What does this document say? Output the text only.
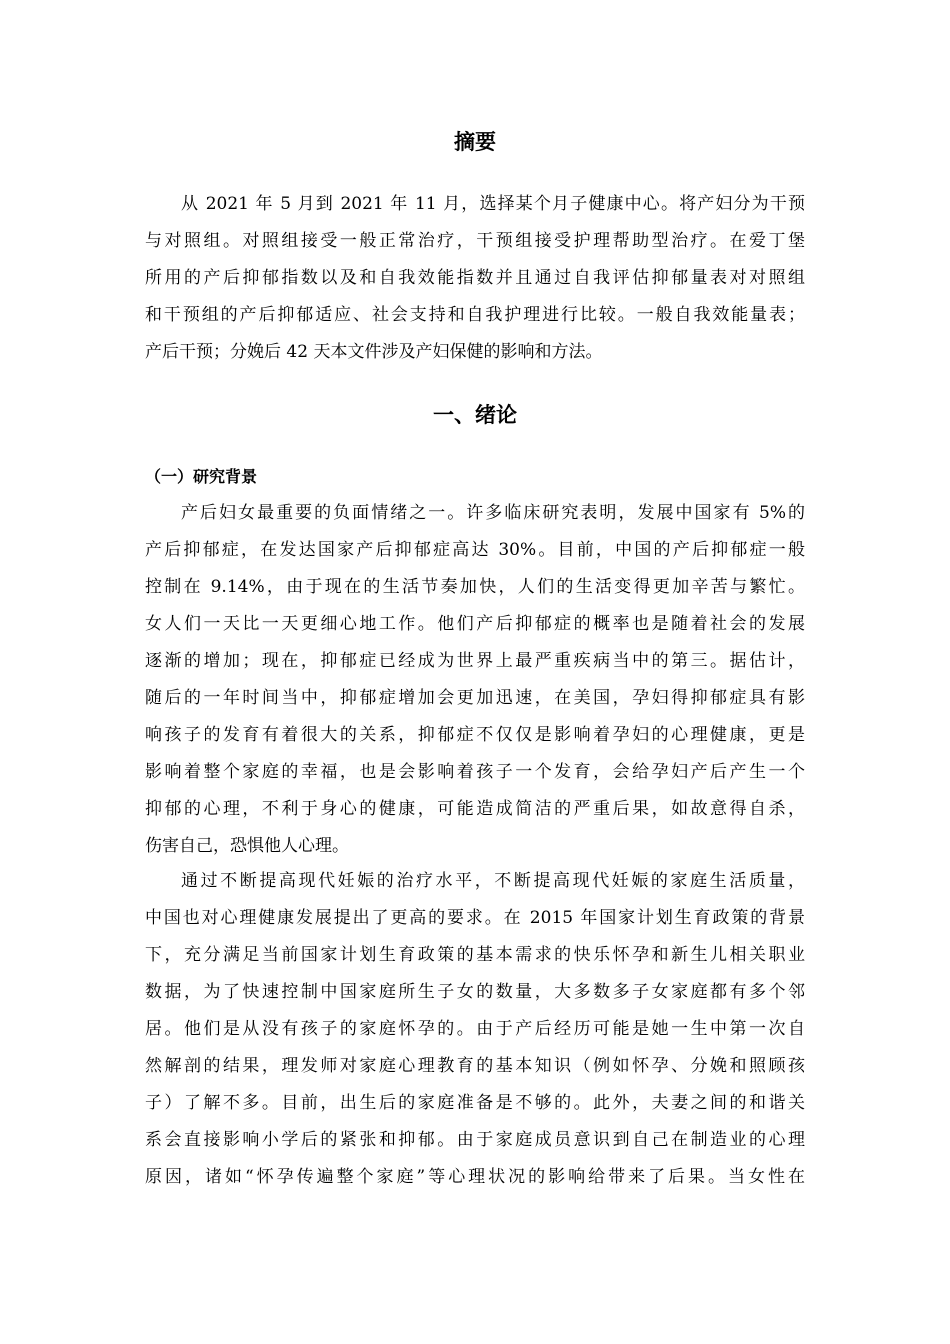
摘要
从 2021 年 5 月到 2021 年 11 月，选择某个月子健康中心。将产妇分为干预
与对照组。对照组接受一般正常治疗，干预组接受护理帮助型治疗。在爱丁堡
所用的产后抑郁指数以及和自我效能指数并且通过自我评估抑郁量表对对照组
和干预组的产后抑郁适应、社会支持和自我护理进行比较。一般自我效能量表；
产后干预；分娩后 42 天本文件涉及产妇保健的影响和方法。
一、绪论
（一）研究背景
产后妇女最重要的负面情绪之一。许多临床研究表明，发展中国家有 5%的
产后抑郁症，在发达国家产后抑郁症高达 30%。目前，中国的产后抑郁症一般
控制在 9.14%，由于现在的生活节奏加快，人们的生活变得更加辛苦与繁忙。
女人们一天比一天更细心地工作。他们产后抑郁症的概率也是随着社会的发展
逐渐的增加；现在，抑郁症已经成为世界上最严重疾病当中的第三。据估计，
随后的一年时间当中，抑郁症增加会更加迅速，在美国，孕妇得抑郁症具有影
响孩子的发育有着很大的关系，抑郁症不仅仅是影响着孕妇的心理健康，更是
影响着整个家庭的幸福，也是会影响着孩子一个发育，会给孕妇产后产生一个
抑郁的心理，不利于身心的健康，可能造成简洁的严重后果，如故意得自杀，
伤害自己，恐惧他人心理。
通过不断提高现代妊娠的治疗水平，不断提高现代妊娠的家庭生活质量，
中国也对心理健康发展提出了更高的要求。在 2015 年国家计划生育政策的背景
下，充分满足当前国家计划生育政策的基本需求的快乐怀孕和新生儿相关职业
数据，为了快速控制中国家庭所生子女的数量，大多数多子女家庭都有多个邻
居。他们是从没有孩子的家庭怀孕的。由于产后经历可能是她一生中第一次自
然解剖的结果，理发师对家庭心理教育的基本知识（例如怀孕、分娩和照顾孩
子）了解不多。目前，出生后的家庭准备是不够的。此外，夫妻之间的和谐关
系会直接影响小学后的紧张和抑郁。由于家庭成员意识到自己在制造业的心理
原因，诸如“怀孕传遍整个家庭”等心理状况的影响给带来了后果。当女性在
